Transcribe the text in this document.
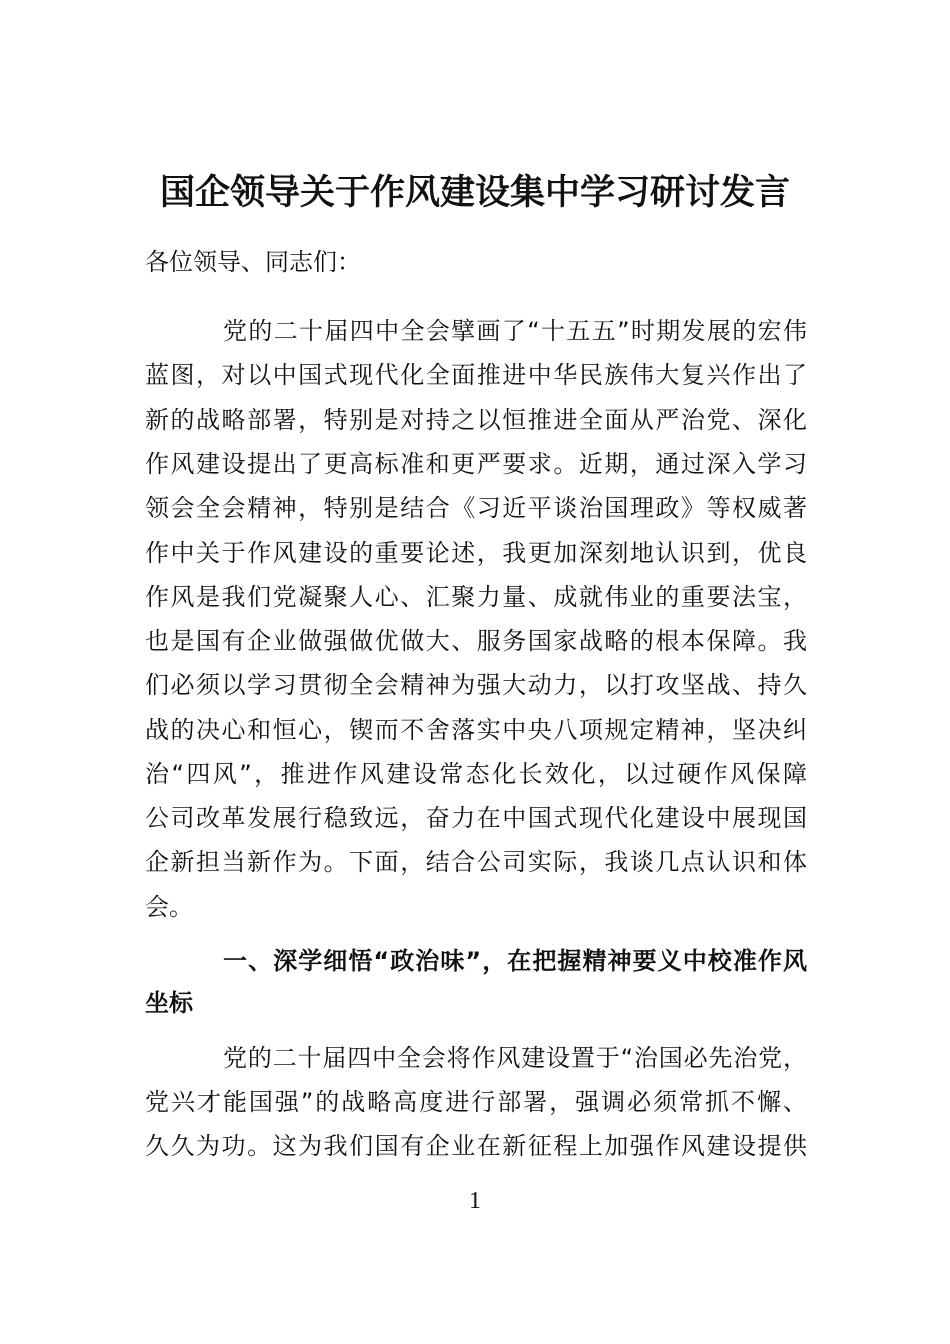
国企领导关于作风建设集中学习研讨发言
各位领导、同志们：
党的二十届四中全会擘画了“十五五”时期发展的宏伟
蓝图，对以中国式现代化全面推进中华民族伟大复兴作出了
新的战略部署，特别是对持之以恒推进全面从严治党、深化
作风建设提出了更高标准和更严要求。近期，通过深入学习
领会全会精神，特别是结合《习近平谈治国理政》等权威著
作中关于作风建设的重要论述，我更加深刻地认识到，优良
作风是我们党凝聚人心、汇聚力量、成就伟业的重要法宝，
也是国有企业做强做优做大、服务国家战略的根本保障。我
们必须以学习贯彻全会精神为强大动力，以打攻坚战、持久
战的决心和恒心，锲而不舍落实中央八项规定精神，坚决纠
治“四风”，推进作风建设常态化长效化，以过硬作风保障
公司改革发展行稳致远，奋力在中国式现代化建设中展现国
企新担当新作为。下面，结合公司实际，我谈几点认识和体
会。
一、深学细悟“政治味”，在把握精神要义中校准作风
坐标
党的二十届四中全会将作风建设置于“治国必先治党，
党兴才能国强”的战略高度进行部署，强调必须常抓不懈、
久久为功。这为我们国有企业在新征程上加强作风建设提供
1
